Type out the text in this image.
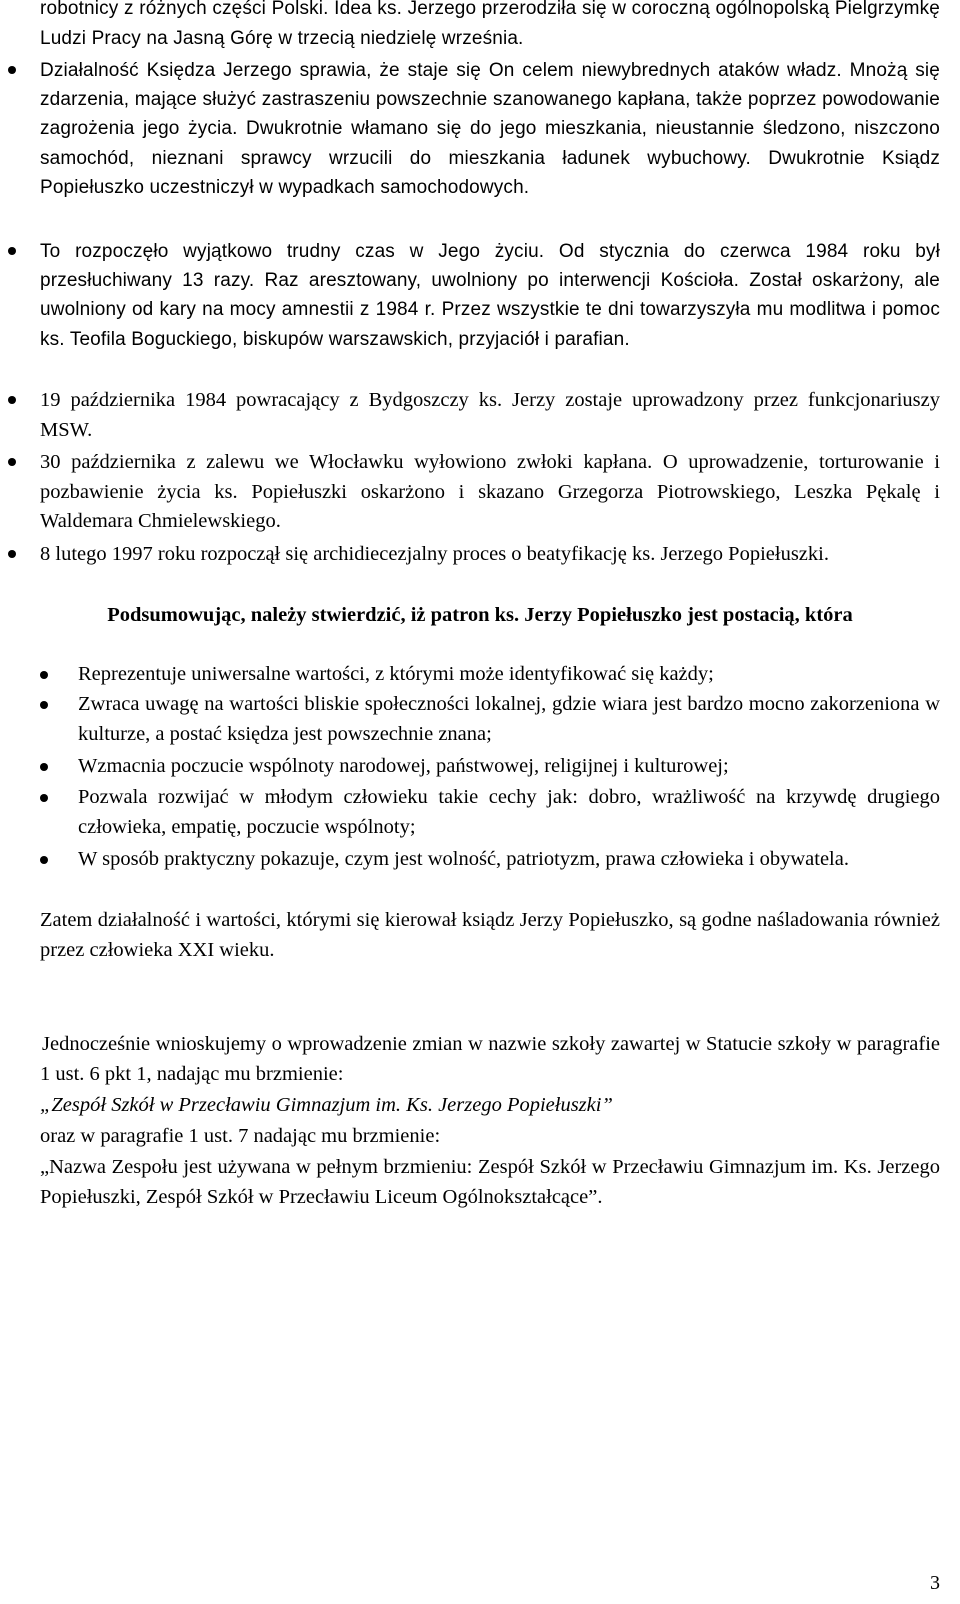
robotnicy z różnych części Polski. Idea ks. Jerzego przerodziła się w coroczną ogólnopolską Pielgrzymkę Ludzi Pracy na Jasną Górę w trzecią niedzielę września.
Działalność Księdza Jerzego sprawia, że staje się On celem niewybrednych ataków władz. Mnożą się zdarzenia, mające służyć zastraszeniu powszechnie szanowanego kapłana, także poprzez powodowanie zagrożenia jego życia. Dwukrotnie włamano się do jego mieszkania, nieustannie śledzono, niszczono samochód, nieznani sprawcy wrzucili do mieszkania ładunek wybuchowy. Dwukrotnie Ksiądz Popiełuszko uczestniczył w wypadkach samochodowych.
To rozpoczęło wyjątkowo trudny czas w Jego życiu. Od stycznia do czerwca 1984 roku był przesłuchiwany 13 razy. Raz aresztowany, uwolniony po interwencji Kościoła. Został oskarżony, ale uwolniony od kary na mocy amnestii z 1984 r. Przez wszystkie te dni towarzyszyła mu modlitwa i pomoc ks. Teofila Boguckiego, biskupów warszawskich, przyjaciół i parafian.
19 października 1984 powracający z Bydgoszczy ks. Jerzy zostaje uprowadzony przez funkcjonariuszy MSW.
30 października z zalewu we Włocławku wyłowiono zwłoki kapłana. O uprowadzenie, torturowanie i pozbawienie życia ks. Popiełuszki oskarżono i skazano Grzegorza Piotrowskiego, Leszka Pękalę i Waldemara Chmielewskiego.
8 lutego 1997 roku rozpoczął się archidiecezjalny proces o beatyfikację ks. Jerzego Popiełuszki.
Podsumowując, należy stwierdzić, iż patron ks. Jerzy Popiełuszko jest postacią, która
Reprezentuje uniwersalne wartości, z którymi może identyfikować się każdy;
Zwraca uwagę na wartości bliskie społeczności lokalnej, gdzie wiara jest bardzo mocno zakorzeniona w kulturze, a postać księdza jest powszechnie znana;
Wzmacnia poczucie wspólnoty narodowej, państwowej, religijnej i kulturowej;
Pozwala rozwijać w młodym człowieku takie cechy jak: dobro, wrażliwość na krzywdę drugiego człowieka, empatię, poczucie wspólnoty;
W sposób praktyczny pokazuje, czym jest wolność, patriotyzm, prawa człowieka i obywatela.
Zatem działalność i wartości, którymi się kierował ksiądz Jerzy Popiełuszko, są godne naśladowania również przez człowieka XXI wieku.
Jednocześnie wnioskujemy o wprowadzenie zmian w nazwie szkoły zawartej w Statucie szkoły w paragrafie 1 ust. 6 pkt 1, nadając mu brzmienie:
„Zespół Szkół w Przecławiu Gimnazjum im. Ks. Jerzego Popiełuszki”
oraz w paragrafie 1 ust. 7 nadając mu brzmienie:
„Nazwa Zespołu jest używana w pełnym brzmieniu: Zespół Szkół w Przecławiu Gimnazjum im. Ks. Jerzego Popiełuszki, Zespół Szkół w Przecławiu Liceum Ogólnokształcące”.
3
